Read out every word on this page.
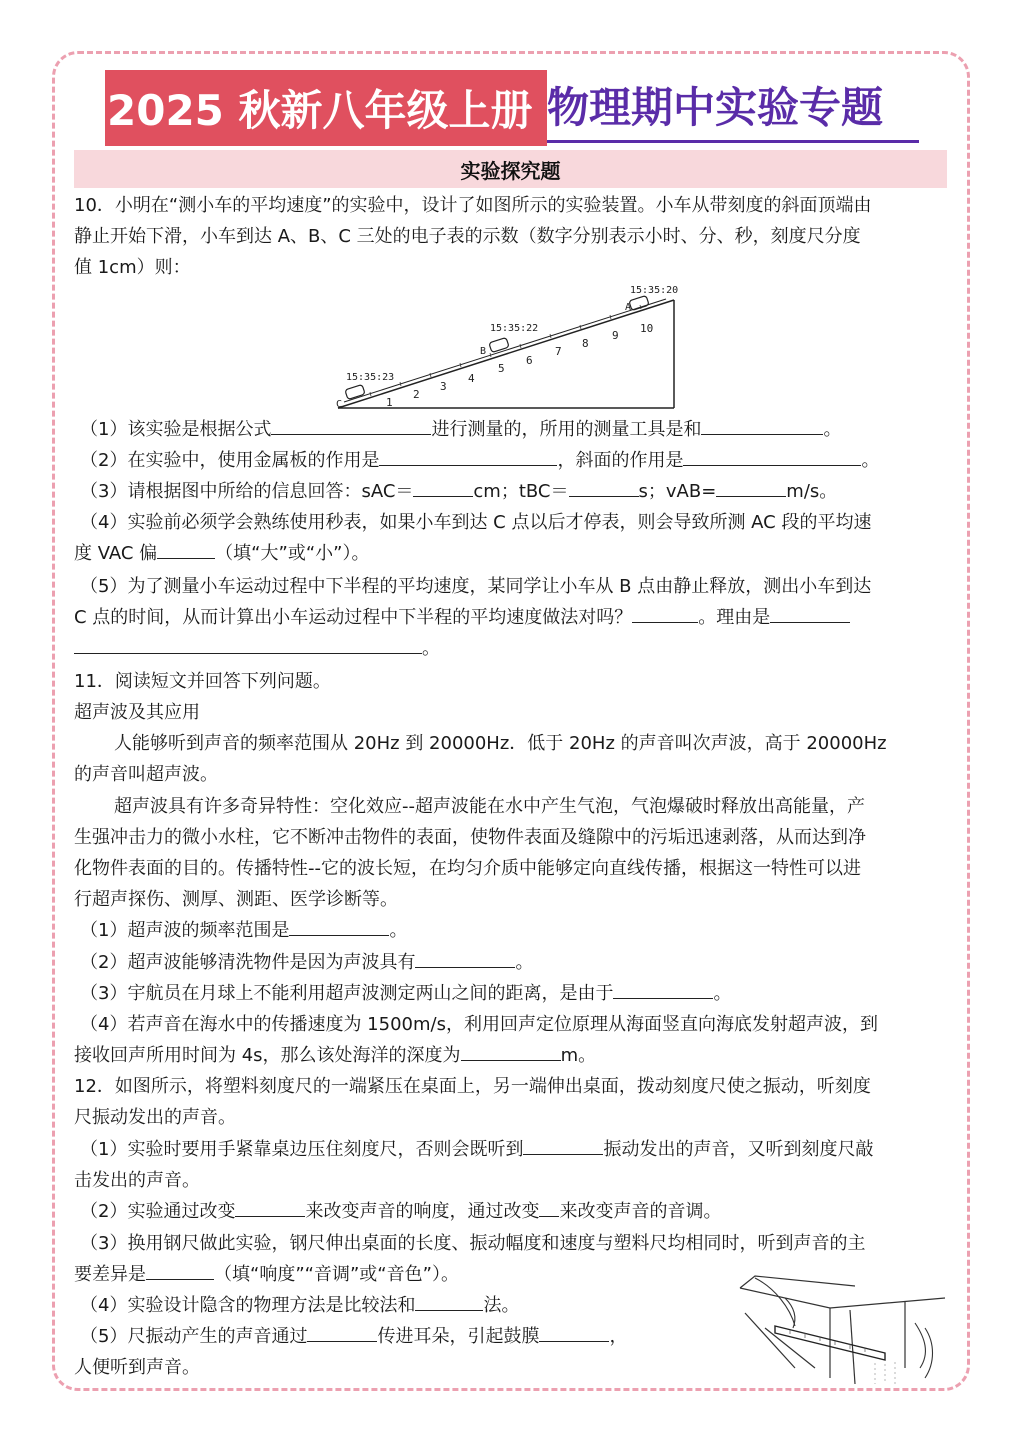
2025 秋新八年级上册 物理期中实验专题
实验探究题
10．小明在“测小车的平均速度”的实验中，设计了如图所示的实验装置。小车从带刻度的斜面顶端由
静止开始下滑，小车到达 A、B、C 三处的电子表的示数（数字分别表示小时、分、秒，刻度尺分度
值 1cm）则：
1
2
3
4
5
6
7
8
9
10
15:35:23
15:35:22
15:35:20
C
B
A
（1）该实验是根据公式	进行测量的，所用的测量工具是和	。
（2）在实验中，使用金属板的作用是	，斜面的作用是	。
（3）请根据图中所给的信息回答：sAC＝	cm；tBC＝	s；vAB=	m/s。
（4）实验前必须学会熟练使用秒表，如果小车到达 C 点以后才停表，则会导致所测 AC 段的平均速
度 VAC 偏	（填“大”或“小”）。
（5）为了测量小车运动过程中下半程的平均速度，某同学让小车从 B 点由静止释放，测出小车到达
C 点的时间，从而计算出小车运动过程中下半程的平均速度做法对吗？	。理由是
。
11．阅读短文并回答下列问题。
超声波及其应用
人能够听到声音的频率范围从 20Hz 到 20000Hz．低于 20Hz 的声音叫次声波，高于 20000Hz
的声音叫超声波。
超声波具有许多奇异特性：空化效应--超声波能在水中产生气泡，气泡爆破时释放出高能量，产
生强冲击力的微小水柱，它不断冲击物件的表面，使物件表面及缝隙中的污垢迅速剥落，从而达到净
化物件表面的目的。传播特性--它的波长短，在均匀介质中能够定向直线传播，根据这一特性可以进
行超声探伤、测厚、测距、医学诊断等。
（1）超声波的频率范围是	。
（2）超声波能够清洗物件是因为声波具有	。
（3）宇航员在月球上不能利用超声波测定两山之间的距离，是由于	。
（4）若声音在海水中的传播速度为 1500m/s，利用回声定位原理从海面竖直向海底发射超声波，到
接收回声所用时间为 4s，那么该处海洋的深度为	m。
12．如图所示，将塑料刻度尺的一端紧压在桌面上，另一端伸出桌面，拨动刻度尺使之振动，听刻度
尺振动发出的声音。
（1）实验时要用手紧靠桌边压住刻度尺，否则会既听到	振动发出的声音，又听到刻度尺敲
击发出的声音。
（2）实验通过改变	来改变声音的响度，通过改变 来改变声音的音调。
（3）换用钢尺做此实验，钢尺伸出桌面的长度、振动幅度和速度与塑料尺均相同时，听到声音的主
要差异是	（填“响度”“音调”或“音色”）。
（4）实验设计隐含的物理方法是比较法和	法。
（5）尺振动产生的声音通过	传进耳朵，引起鼓膜	，
人便听到声音。
